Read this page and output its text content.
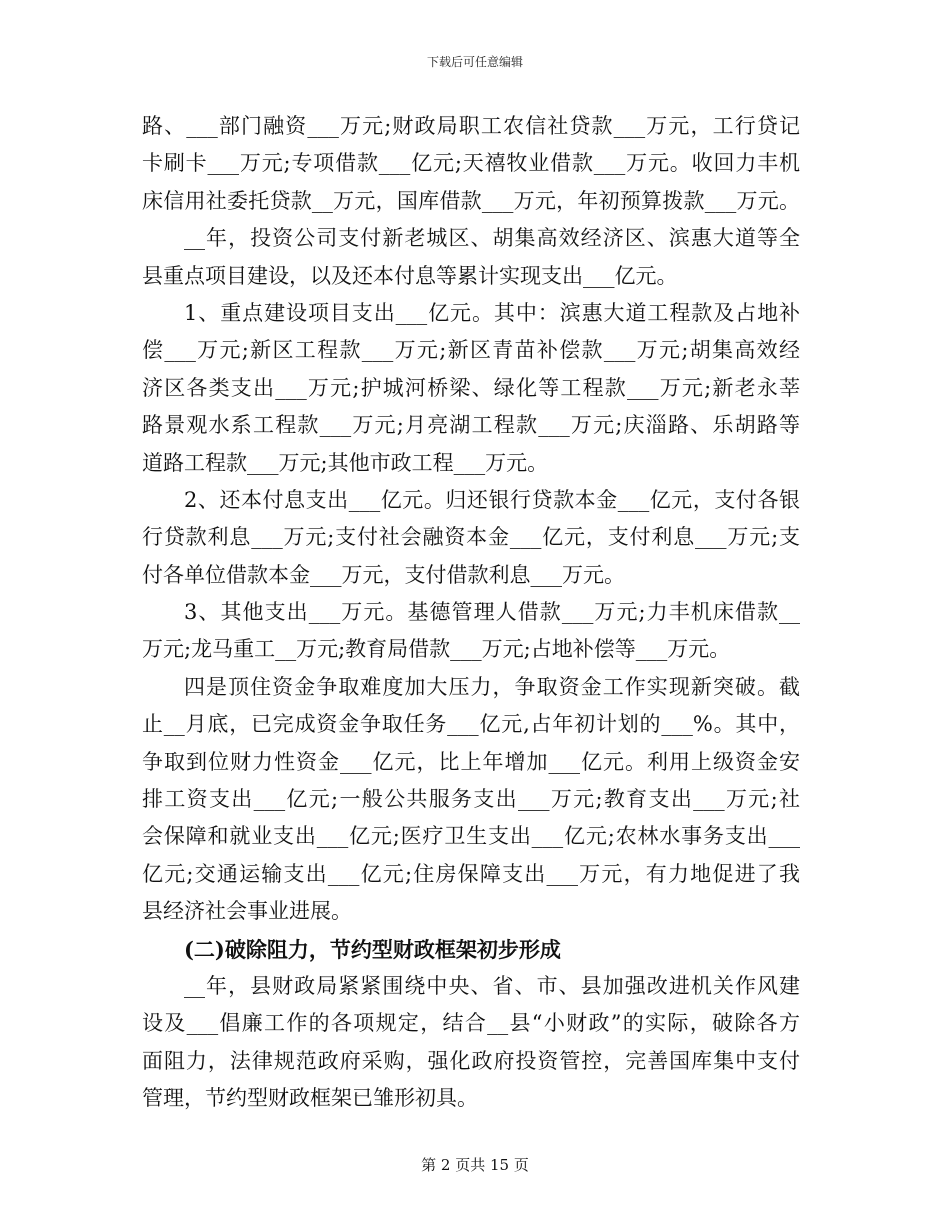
下载后可任意编辑
路、___部门融资___万元;财政局职工农信社贷款___万元，工行贷记
卡刷卡___万元;专项借款___亿元;天禧牧业借款___万元。收回力丰机
床信用社委托贷款__万元，国库借款___万元，年初预算拨款___万元。
__年，投资公司支付新老城区、胡集高效经济区、滨惠大道等全
县重点项目建设，以及还本付息等累计实现支出___亿元。
1、重点建设项目支出___亿元。其中：滨惠大道工程款及占地补
偿___万元;新区工程款___万元;新区青苗补偿款___万元;胡集高效经
济区各类支出___万元;护城河桥梁、绿化等工程款___万元;新老永莘
路景观水系工程款___万元;月亮湖工程款___万元;庆淄路、乐胡路等
道路工程款___万元;其他市政工程___万元。
2、还本付息支出___亿元。归还银行贷款本金___亿元，支付各银
行贷款利息___万元;支付社会融资本金___亿元，支付利息___万元;支
付各单位借款本金___万元，支付借款利息___万元。
3、其他支出___万元。基德管理人借款___万元;力丰机床借款__
万元;龙马重工__万元;教育局借款___万元;占地补偿等___万元。
四是顶住资金争取难度加大压力，争取资金工作实现新突破。截
止__月底，已完成资金争取任务___亿元,占年初计划的___%。其中，
争取到位财力性资金___亿元，比上年增加___亿元。利用上级资金安
排工资支出___亿元;一般公共服务支出___万元;教育支出___万元;社
会保障和就业支出___亿元;医疗卫生支出___亿元;农林水事务支出___
亿元;交通运输支出___亿元;住房保障支出___万元，有力地促进了我
县经济社会事业进展。
(二)破除阻力，节约型财政框架初步形成
__年，县财政局紧紧围绕中央、省、市、县加强改进机关作风建
设及___倡廉工作的各项规定，结合__县“小财政”的实际，破除各方
面阻力，法律规范政府采购，强化政府投资管控，完善国库集中支付
管理，节约型财政框架已雏形初具。
第 2 页共 15 页
